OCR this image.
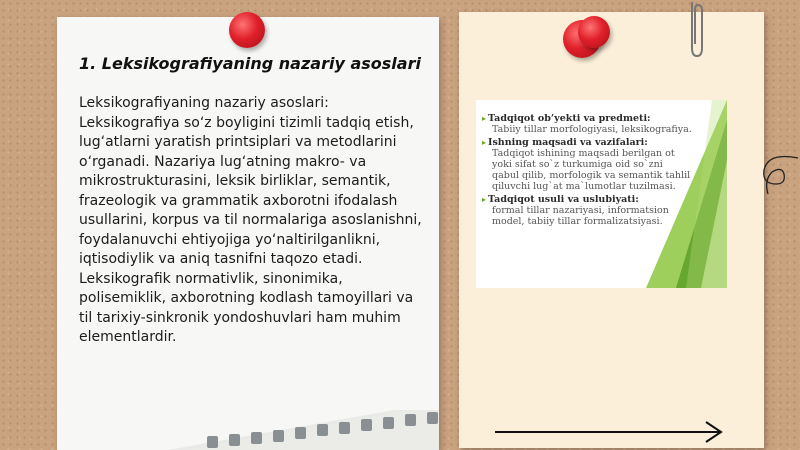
1. Leksikografiyaning nazariy asoslari

Leksikografiyaning nazariy asoslari: Leksikografiya so‘z boyligini tizimli tadqiq etish, lug‘atlarni yaratish printsiplari va metodlarini o‘rganadi. Nazariya lug‘atning makro- va mikrostrukturasini, leksik birliklar, semantik, frazeologik va grammatik axborotni ifodalash usullarini, korpus va til normalariga asoslanishni, foydalanuvchi ehtiyojiga yo‘naltirilganlikni, iqtisodiylik va aniq tasnifni taqozo etadi. Leksikografik normativlik, sinonimika, polisemiklik, axborotning kodlash tamoyillari va til tarixiy-sinkronik yondoshuvlari ham muhim elementlardir.

▸ Tadqiqot ob’yekti va predmeti:
Tabiiy tillar morfologiyasi, leksikografiya.
▸ Ishning maqsadi va vazifalari:
Tadqiqot ishining maqsadi berilgan ot yoki sifat so`z turkumiga oid so`zni qabul qilib, morfologik va semantik tahlil qiluvchi lug`at ma`lumotlar tuzilmasi.
▸ Tadqiqot usuli va uslubiyati:
formal tillar nazariyasi, informatsion model, tabiiy tillar formalizatsiyasi.
